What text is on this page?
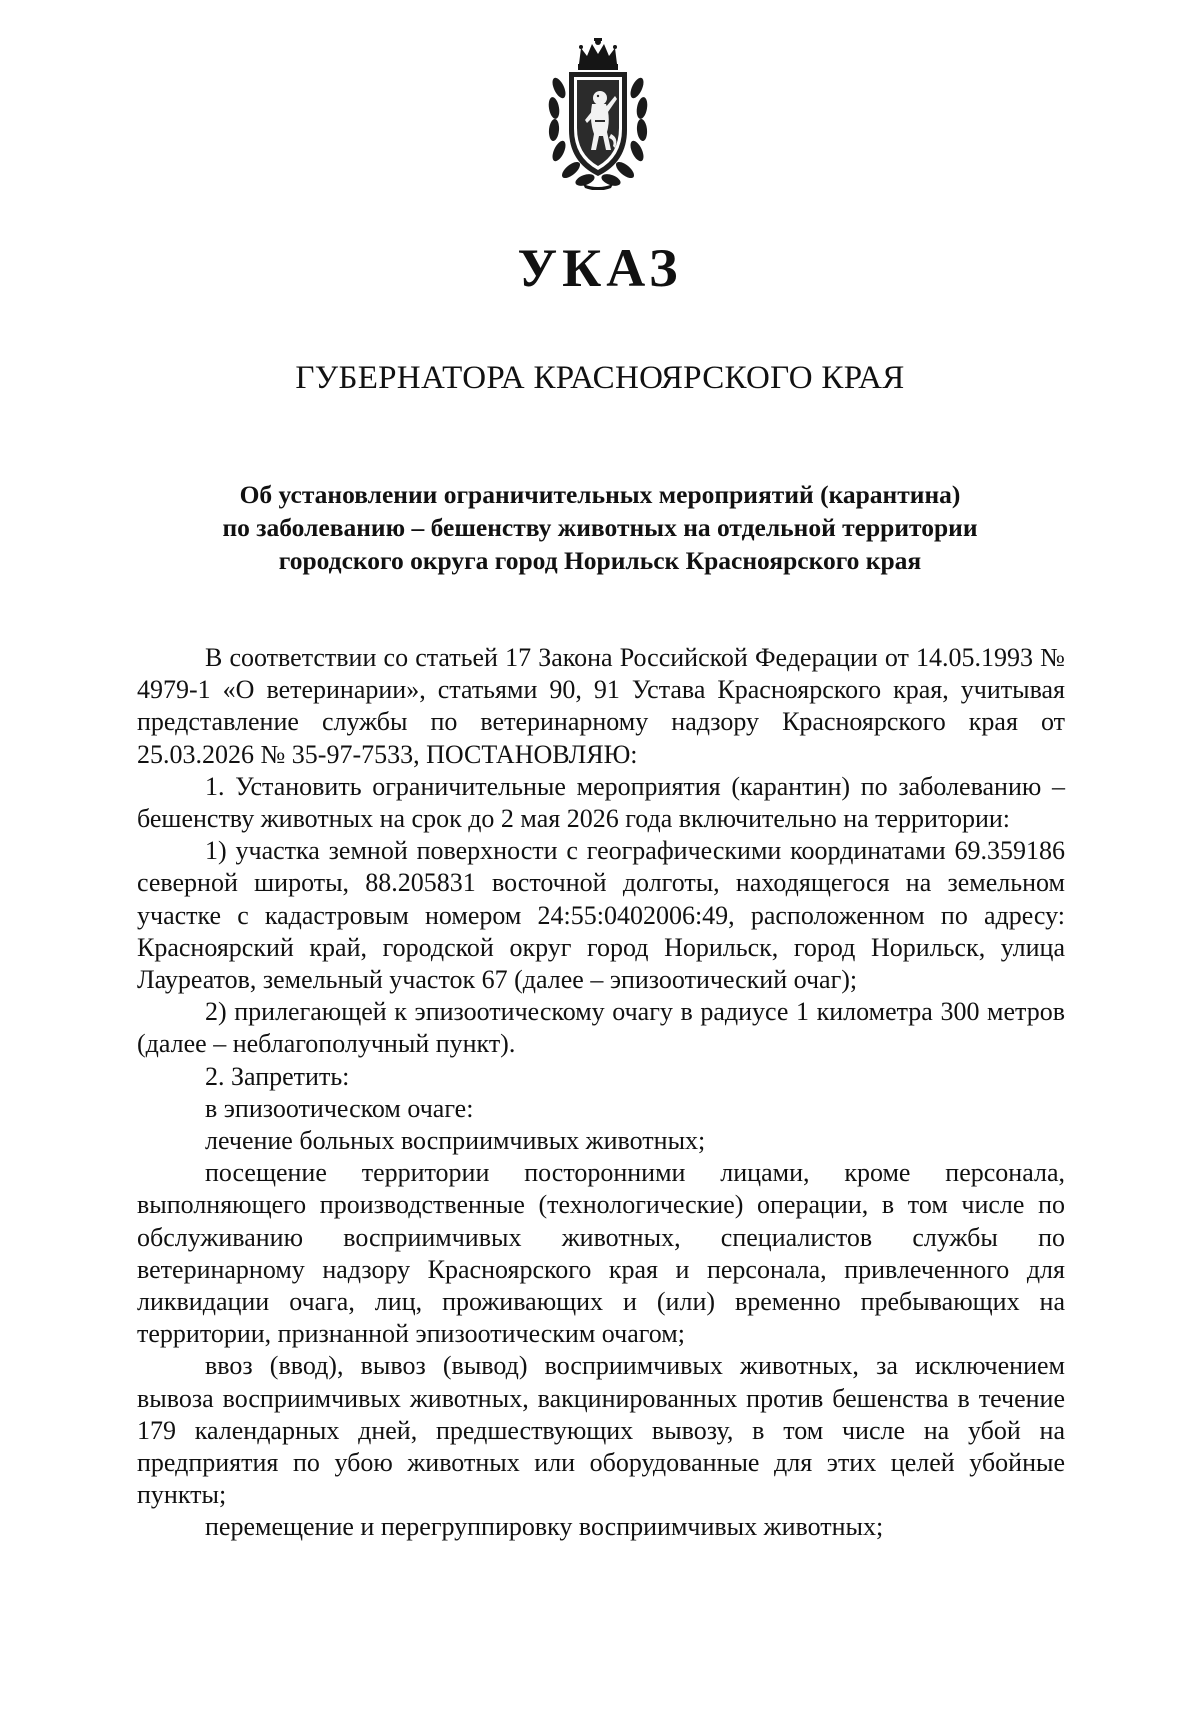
УКАЗ
ГУБЕРНАТОРА КРАСНОЯРСКОГО КРАЯ
Об установлении ограничительных мероприятий (карантина)
по заболеванию – бешенству животных на отдельной территории
городского округа город Норильск Красноярского края

В соответствии со статьей 17 Закона Российской Федерации от 14.05.1993 № 4979-1 «О ветеринарии», статьями 90, 91 Устава Красноярского края, учитывая представление службы по ветеринарному надзору Красноярского края от 25.03.2026 № 35-97-7533, ПОСТАНОВЛЯЮ:

1. Установить ограничительные мероприятия (карантин) по заболеванию – бешенству животных на срок до 2 мая 2026 года включительно на территории:

1) участка земной поверхности с географическими координатами 69.359186 северной широты, 88.205831 восточной долготы, находящегося на земельном участке с кадастровым номером 24:55:0402006:49, расположенном по адресу: Красноярский край, городской округ город Норильск, город Норильск, улица Лауреатов, земельный участок 67 (далее – эпизоотический очаг);

2) прилегающей к эпизоотическому очагу в радиусе 1 километра 300 метров (далее – неблагополучный пункт).

2. Запретить:

в эпизоотическом очаге:

лечение больных восприимчивых животных;

посещение территории посторонними лицами, кроме персонала, выполняющего производственные (технологические) операции, в том числе по обслуживанию восприимчивых животных, специалистов службы по ветеринарному надзору Красноярского края и персонала, привлеченного для ликвидации очага, лиц, проживающих и (или) временно пребывающих на территории, признанной эпизоотическим очагом;

ввоз (ввод), вывоз (вывод) восприимчивых животных, за исключением вывоза восприимчивых животных, вакцинированных против бешенства в течение 179 календарных дней, предшествующих вывозу, в том числе на убой на предприятия по убою животных или оборудованные для этих целей убойные пункты;

перемещение и перегруппировку восприимчивых животных;
